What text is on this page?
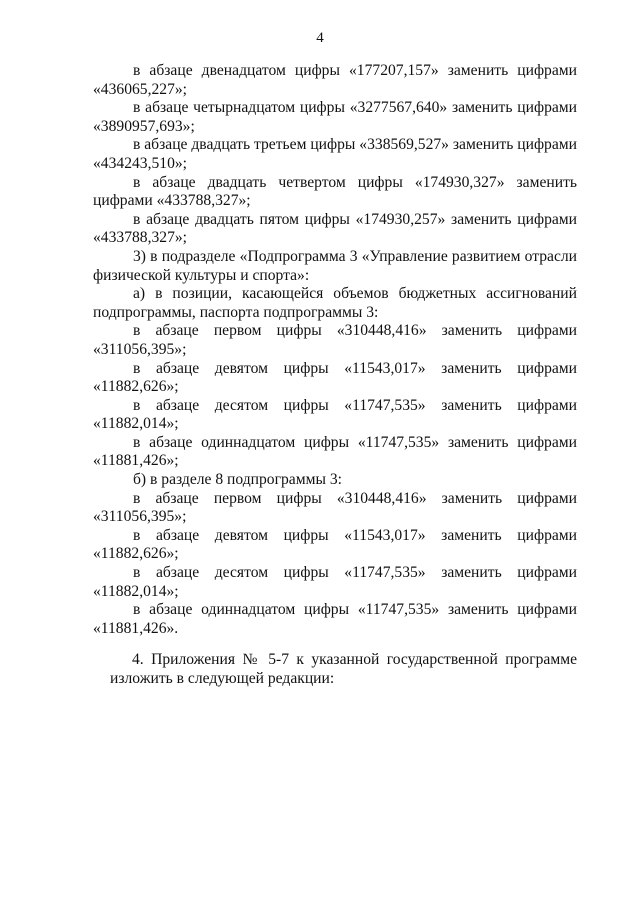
4

в абзаце двенадцатом цифры «177207,157» заменить цифрами «436065,227»;

в абзаце четырнадцатом цифры «3277567,640» заменить цифрами «3890957,693»;

в абзаце двадцать третьем цифры «338569,527» заменить цифрами «434243,510»;

в абзаце двадцать четвертом цифры «174930,327» заменить цифрами «433788,327»;

в абзаце двадцать пятом цифры «174930,257» заменить цифрами «433788,327»;

3) в подразделе «Подпрограмма 3 «Управление развитием отрасли физической культуры и спорта»:

а) в позиции, касающейся объемов бюджетных ассигнований подпрограммы, паспорта подпрограммы 3:

в абзаце первом цифры «310448,416» заменить цифрами «311056,395»;

в абзаце девятом цифры «11543,017» заменить цифрами «11882,626»;

в абзаце десятом цифры «11747,535» заменить цифрами «11882,014»;

в абзаце одиннадцатом цифры «11747,535» заменить цифрами «11881,426»;

б) в разделе 8 подпрограммы 3:

в абзаце первом цифры «310448,416» заменить цифрами «311056,395»;

в абзаце девятом цифры «11543,017» заменить цифрами «11882,626»;

в абзаце десятом цифры «11747,535» заменить цифрами «11882,014»;

в абзаце одиннадцатом цифры «11747,535» заменить цифрами «11881,426».

4. Приложения № 5-7 к указанной государственной программе изложить в следующей редакции:
